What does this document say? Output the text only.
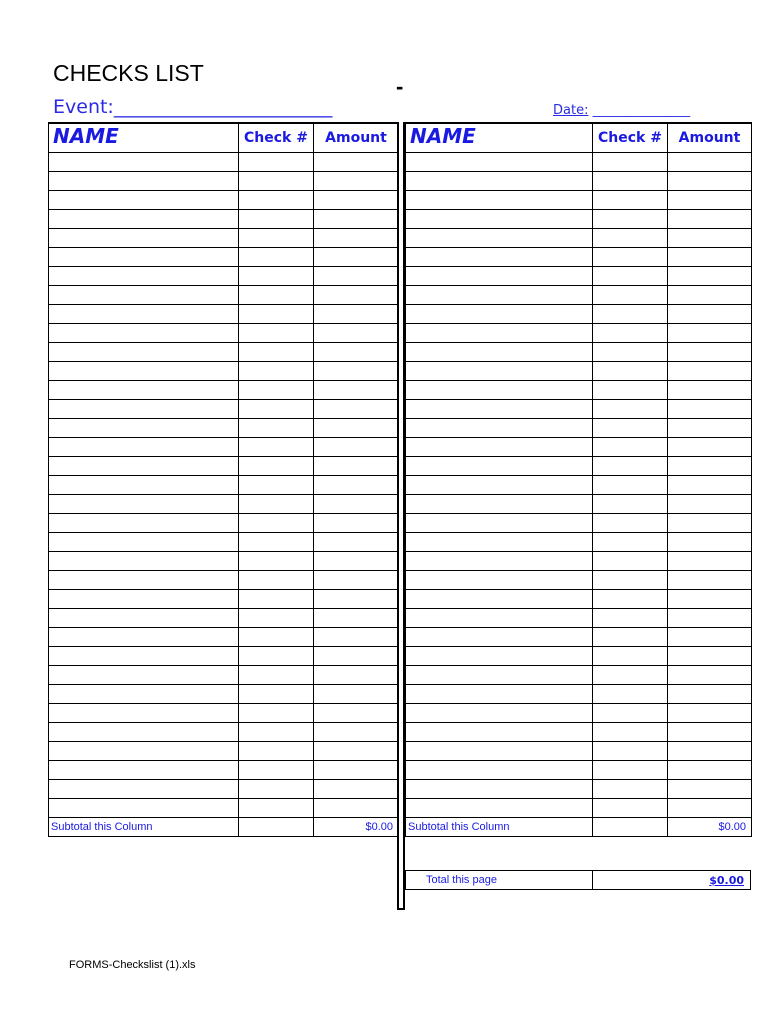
CHECKS LIST
-
Event:_______________________	Date: _______________
NAME	Check #	Amount

Subtotal this Column		$0.00
NAME	Check #	Amount

Subtotal this Column		$0.00
Total this page	$0.00
FORMS-Checkslist (1).xls
